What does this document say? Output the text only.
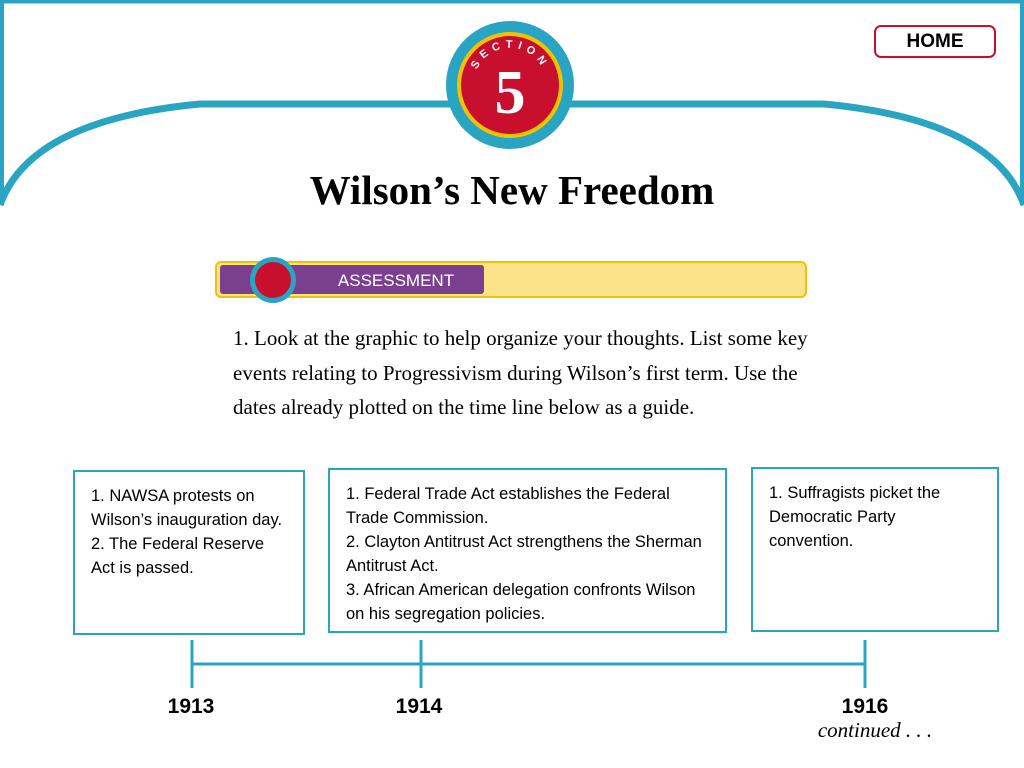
SECTION
5
HOME
Wilson’s New Freedom
ASSESSMENT
1. Look at the graphic to help organize your thoughts. List some key events relating to Progressivism during Wilson’s first term. Use the dates already plotted on the time line below as a guide.
1. NAWSA protests on Wilson’s inauguration day.
2. The Federal Reserve Act is passed.
1. Federal Trade Act establishes the Federal Trade Commission.
2. Clayton Antitrust Act strengthens the Sherman Antitrust Act.
3. African American delegation confronts Wilson on his segregation policies.
1. Suffragists picket the Democratic Party convention.
1913	1914	1916
continued . . .
